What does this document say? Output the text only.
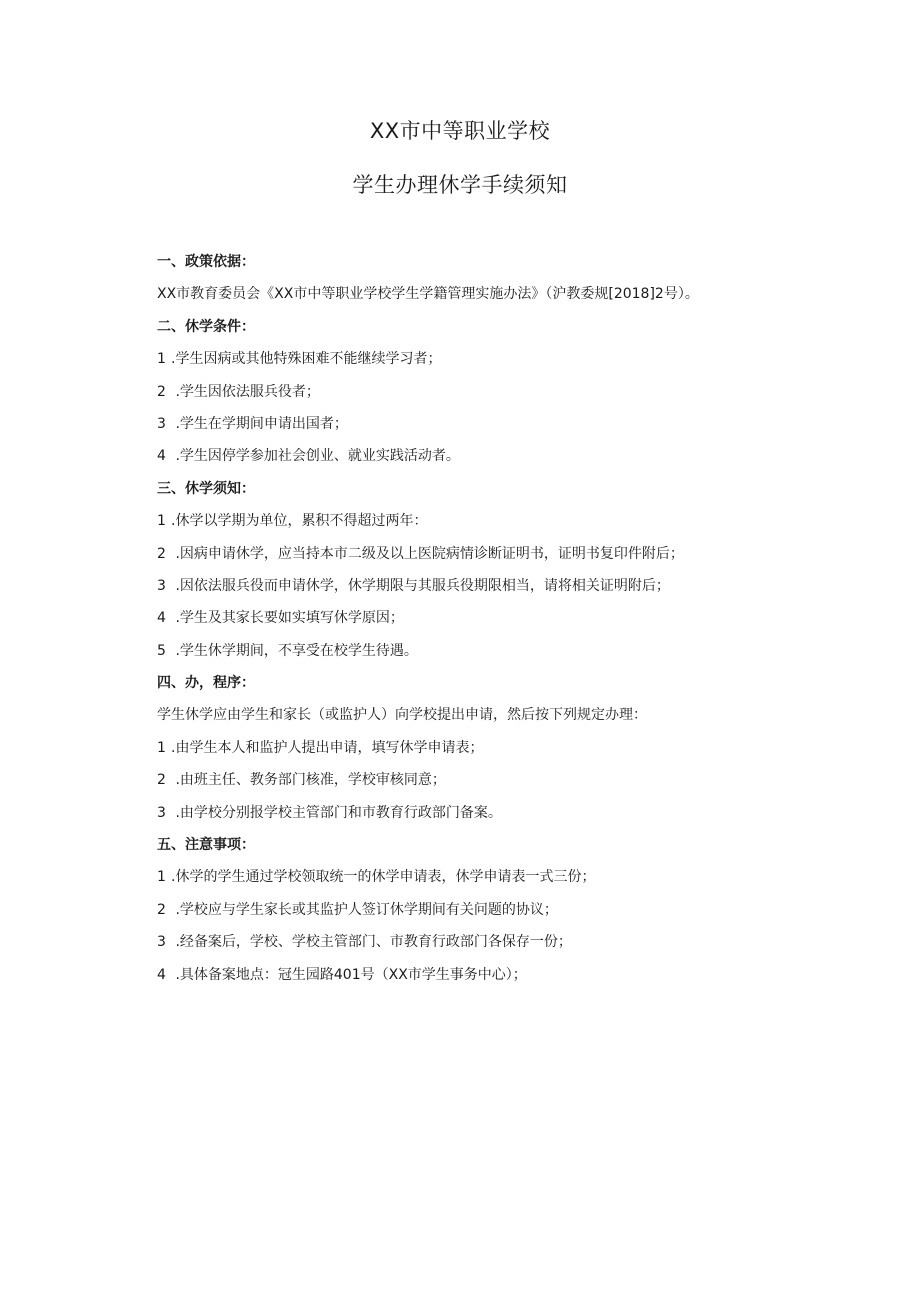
XX市中等职业学校
学生办理休学手续须知
一、政策依据：
XX市教育委员会《XX市中等职业学校学生学籍管理实施办法》（沪教委规[2018]2号）。
二、休学条件：
1 .学生因病或其他特殊困难不能继续学习者；
2 .学生因依法服兵役者；
3 .学生在学期间申请出国者；
4 .学生因停学参加社会创业、就业实践活动者。
三、休学须知：
1 .休学以学期为单位，累积不得超过两年：
2 .因病申请休学，应当持本市二级及以上医院病情诊断证明书，证明书复印件附后；
3 .因依法服兵役而申请休学，休学期限与其服兵役期限相当，请将相关证明附后；
4 .学生及其家长要如实填写休学原因；
5 .学生休学期间，不享受在校学生待遇。
四、办，程序：
学生休学应由学生和家长（或监护人）向学校提出申请，然后按下列规定办理：
1 .由学生本人和监护人提出申请，填写休学申请表；
2 .由班主任、教务部门核准，学校审核同意；
3 .由学校分别报学校主管部门和市教育行政部门备案。
五、注意事项：
1 .休学的学生通过学校领取统一的休学申请表，休学申请表一式三份；
2 .学校应与学生家长或其监护人签订休学期间有关问题的协议；
3 .经备案后，学校、学校主管部门、市教育行政部门各保存一份；
4 .具体备案地点：冠生园路401号（XX市学生事务中心）；
